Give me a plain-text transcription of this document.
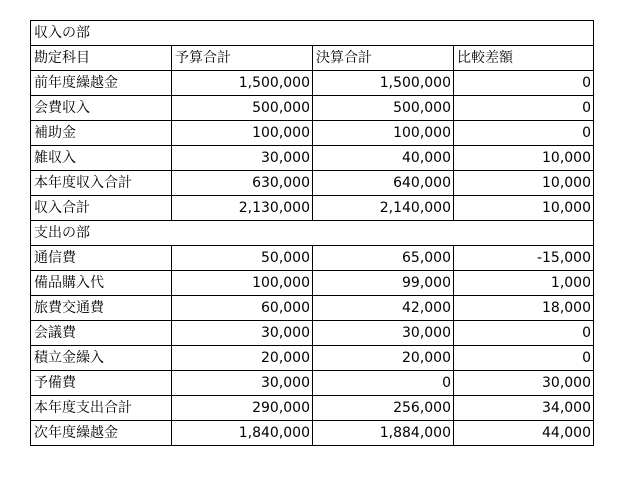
収入の部			
勘定科目	予算合計	決算合計	比較差額
前年度繰越金	1,500,000	1,500,000	0
会費収入	500,000	500,000	0
補助金	100,000	100,000	0
雑収入	30,000	40,000	10,000
本年度収入合計	630,000	640,000	10,000
収入合計	2,130,000	2,140,000	10,000
支出の部			
通信費	50,000	65,000	-15,000
備品購入代	100,000	99,000	1,000
旅費交通費	60,000	42,000	18,000
会議費	30,000	30,000	0
積立金繰入	20,000	20,000	0
予備費	30,000	0	30,000
本年度支出合計	290,000	256,000	34,000
次年度繰越金	1,840,000	1,884,000	44,000
